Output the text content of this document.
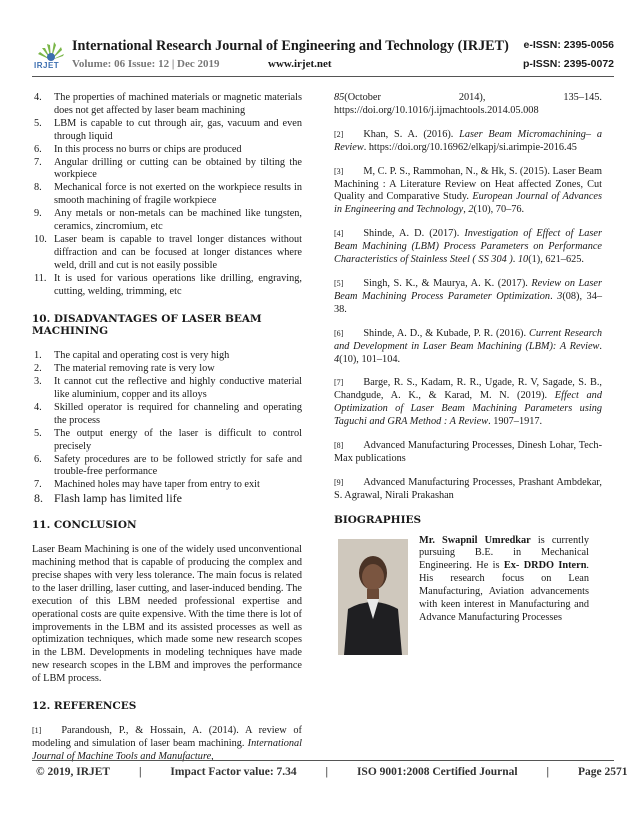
IRJET
International Research Journal of Engineering and Technology (IRJET) e-ISSN: 2395-0056
Volume: 06 Issue: 12 | Dec 2019	www.irjet.net	p-ISSN: 2395-0072
4. The properties of machined materials or magnetic materials does not get affected by laser beam machining
5. LBM is capable to cut through air, gas, vacuum and even through liquid
6. In this process no burrs or chips are produced
7. Angular drilling or cutting can be obtained by tilting the workpiece
8. Mechanical force is not exerted on the workpiece results in smooth machining of fragile workpiece
9. Any metals or non-metals can be machined like tungsten, ceramics, zincromium, etc
10. Laser beam is capable to travel longer distances without diffraction and can be focused at longer distances where weld, drill and cut is not easily possible
11. It is used for various operations like drilling, engraving, cutting, welding, trimming, etc
10. DISADVANTAGES OF LASER BEAM MACHINING
1. The capital and operating cost is very high
2. The material removing rate is very low
3. It cannot cut the reflective and highly conductive material like aluminium, copper and its alloys
4. Skilled operator is required for channeling and operating the process
5. The output energy of the laser is difficult to control precisely
6. Safety procedures are to be followed strictly for safe and trouble-free performance
7. Machined holes may have taper from entry to exit
8. Flash lamp has limited life
11. CONCLUSION

Laser Beam Machining is one of the widely used unconventional machining method that is capable of producing the complex and precise shapes with very less tolerance. The main focus is related to the laser drilling, laser cutting, and laser-induced bending. The execution of this LBM needed professional expertise and operational costs are quite expensive. With the time there is lot of improvements in the LBM and its assisted processes as well as optimization techniques, which made some new research scopes in the LBM. Developments in modeling techniques have made new research scopes in the LBM and improves the performance of LBM process.

12. REFERENCES

[1] Parandoush, P., & Hossain, A. (2014). A review of modeling and simulation of laser beam machining. International Journal of Machine Tools and Manufacture,

85(October 2014), 135–145. https://doi.org/10.1016/j.ijmachtools.2014.05.008

[2] Khan, S. A. (2016). Laser Beam Micromachining– a Review. https://doi.org/10.16962/elkapj/si.arimpie-2016.45

[3] M, C. P. S., Rammohan, N., & Hk, S. (2015). Laser Beam Machining : A Literature Review on Heat affected Zones, Cut Quality and Comparative Study. European Journal of Advances in Engineering and Technology, 2(10), 70–76.

[4] Shinde, A. D. (2017). Investigation of Effect of Laser Beam Machining (LBM) Process Parameters on Performance Characteristics of Stainless Steel ( SS 304 ). 10(1), 621–625.

[5] Singh, S. K., & Maurya, A. K. (2017). Review on Laser Beam Machining Process Parameter Optimization. 3(08), 34–38.

[6] Shinde, A. D., & Kubade, P. R. (2016). Current Research and Development in Laser Beam Machining (LBM): A Review. 4(10), 101–104.

[7] Barge, R. S., Kadam, R. R., Ugade, R. V, Sagade, S. B., Chandgude, A. K., & Karad, M. N. (2019). Effect and Optimization of Laser Beam Machining Parameters using Taguchi and GRA Method : A Review. 1907–1917.

[8] Advanced Manufacturing Processes, Dinesh Lohar, Tech-Max publications

[9] Advanced Manufacturing Processes, Prashant Ambdekar, S. Agrawal, Nirali Prakashan

BIOGRAPHIES
Mr. Swapnil Umredkar is currently pursuing B.E. in Mechanical Engineering. He is Ex- DRDO Intern. His research focus on Lean Manufacturing, Aviation advancements with keen interest in Manufacturing and Advance Manufacturing Processes
© 2019, IRJET	|	Impact Factor value: 7.34	|	ISO 9001:2008 Certified Journal	|	Page 2571
